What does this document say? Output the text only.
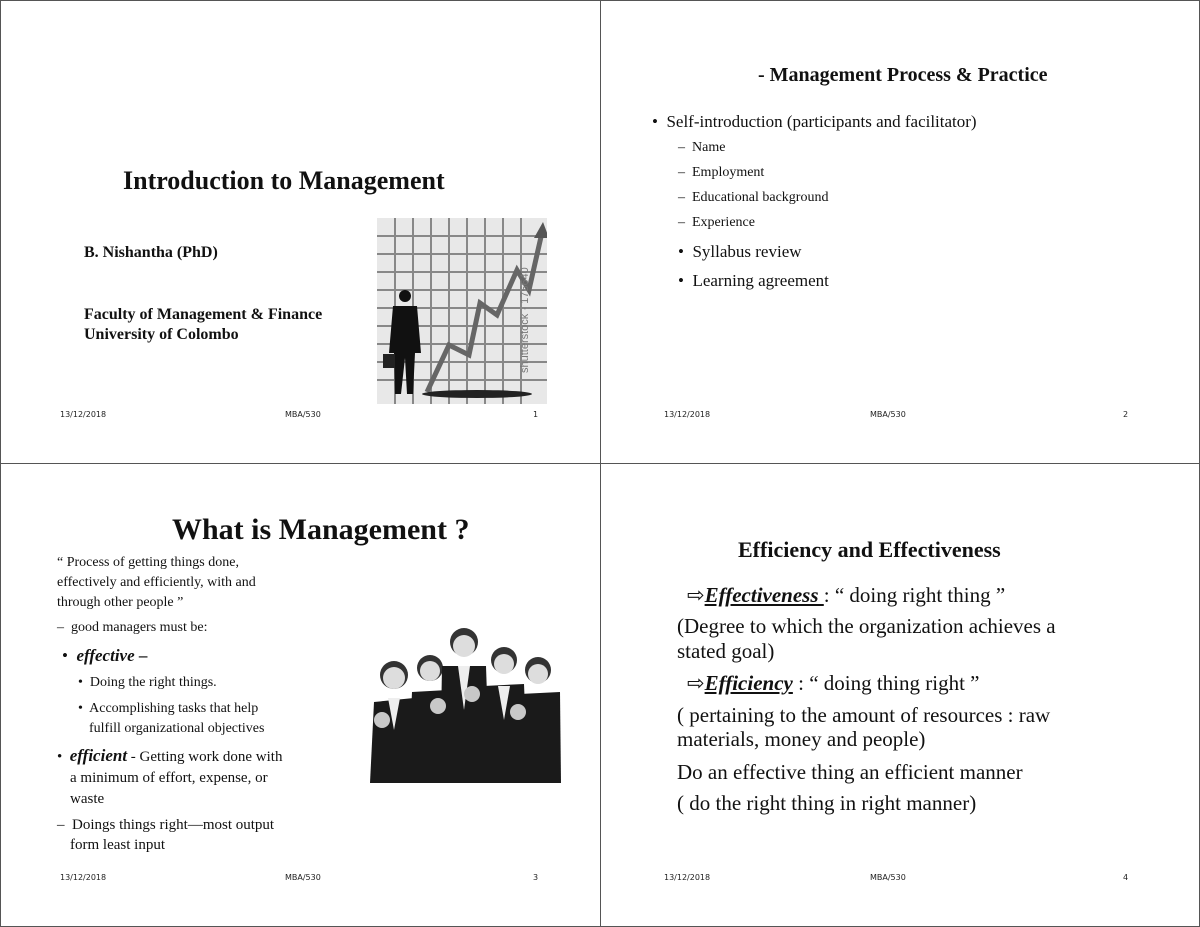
Introduction to Management
B. Nishantha (PhD)
Faculty of Management & Finance
University of Colombo	shutterstock · 175640
13/12/2018	MBA/530	1
- Management Process & Practice
•  Self-introduction (participants and facilitator)
–  Name
–  Employment
–  Educational background
–  Experience
•  Syllabus review
•  Learning agreement
13/12/2018	MBA/530	2
What is Management ?
“ Process of getting things done,
effectively and efficiently, with and
through other people ”
–  good managers must be:
•  effective –
•  Doing the right things.
•  Accomplishing tasks that help
fulfill organizational objectives
•  efficient - Getting work done with
a minimum of effort, expense, or
waste
–  Doings things right—most output
form least input
13/12/2018	MBA/530	3
Efficiency and Effectiveness
⇨Effectiveness : “ doing right thing ”
(Degree to which the organization achieves a
stated goal)
⇨Efficiency : “ doing thing right ”
( pertaining to the amount of resources : raw
materials, money and people)
Do an effective thing an efficient manner
( do the right thing in right manner)
13/12/2018	MBA/530	4
